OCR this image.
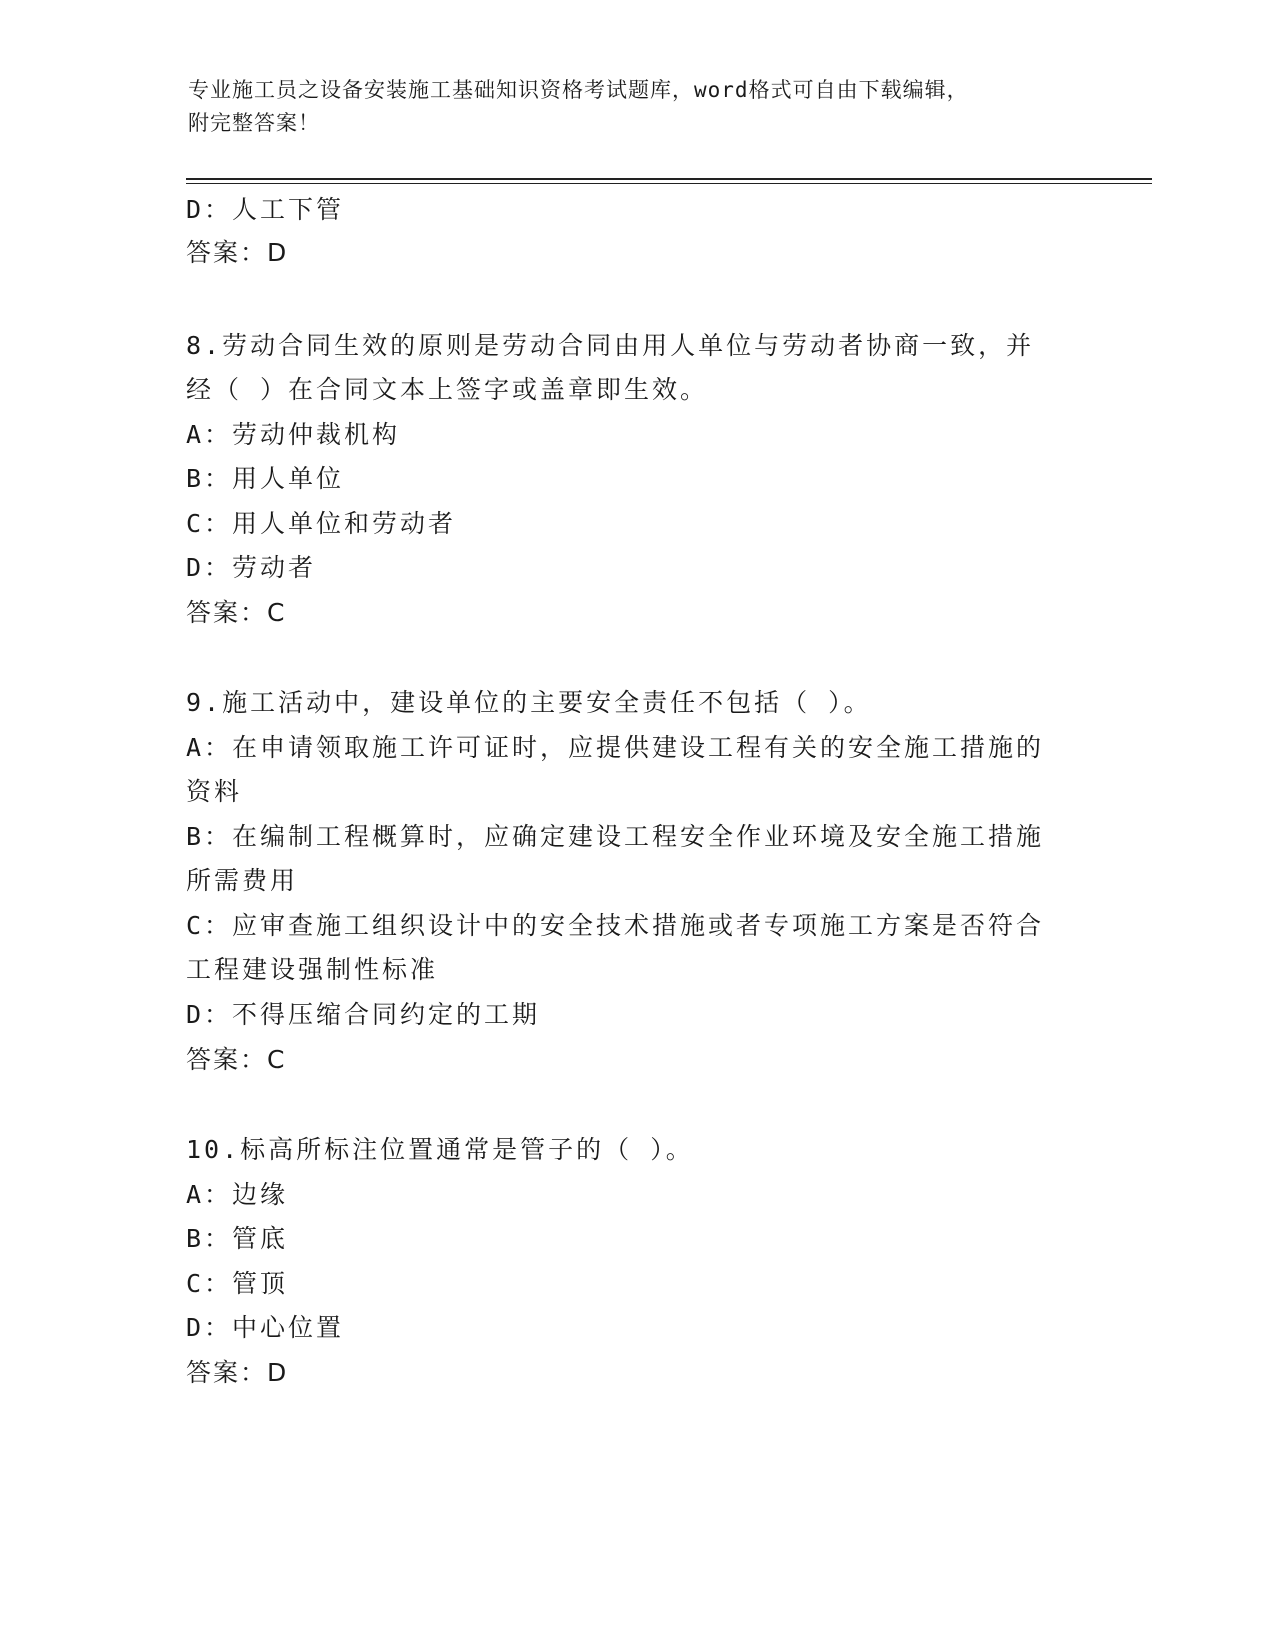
专业施工员之设备安装施工基础知识资格考试题库，word格式可自由下载编辑，
附完整答案！
D：人工下管
答案：D
8.劳动合同生效的原则是劳动合同由用人单位与劳动者协商一致，并
经（ ）在合同文本上签字或盖章即生效。
A：劳动仲裁机构
B：用人单位
C：用人单位和劳动者
D：劳动者
答案：C
9.施工活动中，建设单位的主要安全责任不包括（ ）。
A：在申请领取施工许可证时，应提供建设工程有关的安全施工措施的
资料
B：在编制工程概算时，应确定建设工程安全作业环境及安全施工措施
所需费用
C：应审查施工组织设计中的安全技术措施或者专项施工方案是否符合
工程建设强制性标准
D：不得压缩合同约定的工期
答案：C
10.标高所标注位置通常是管子的（ ）。
A：边缘
B：管底
C：管顶
D：中心位置
答案：D
